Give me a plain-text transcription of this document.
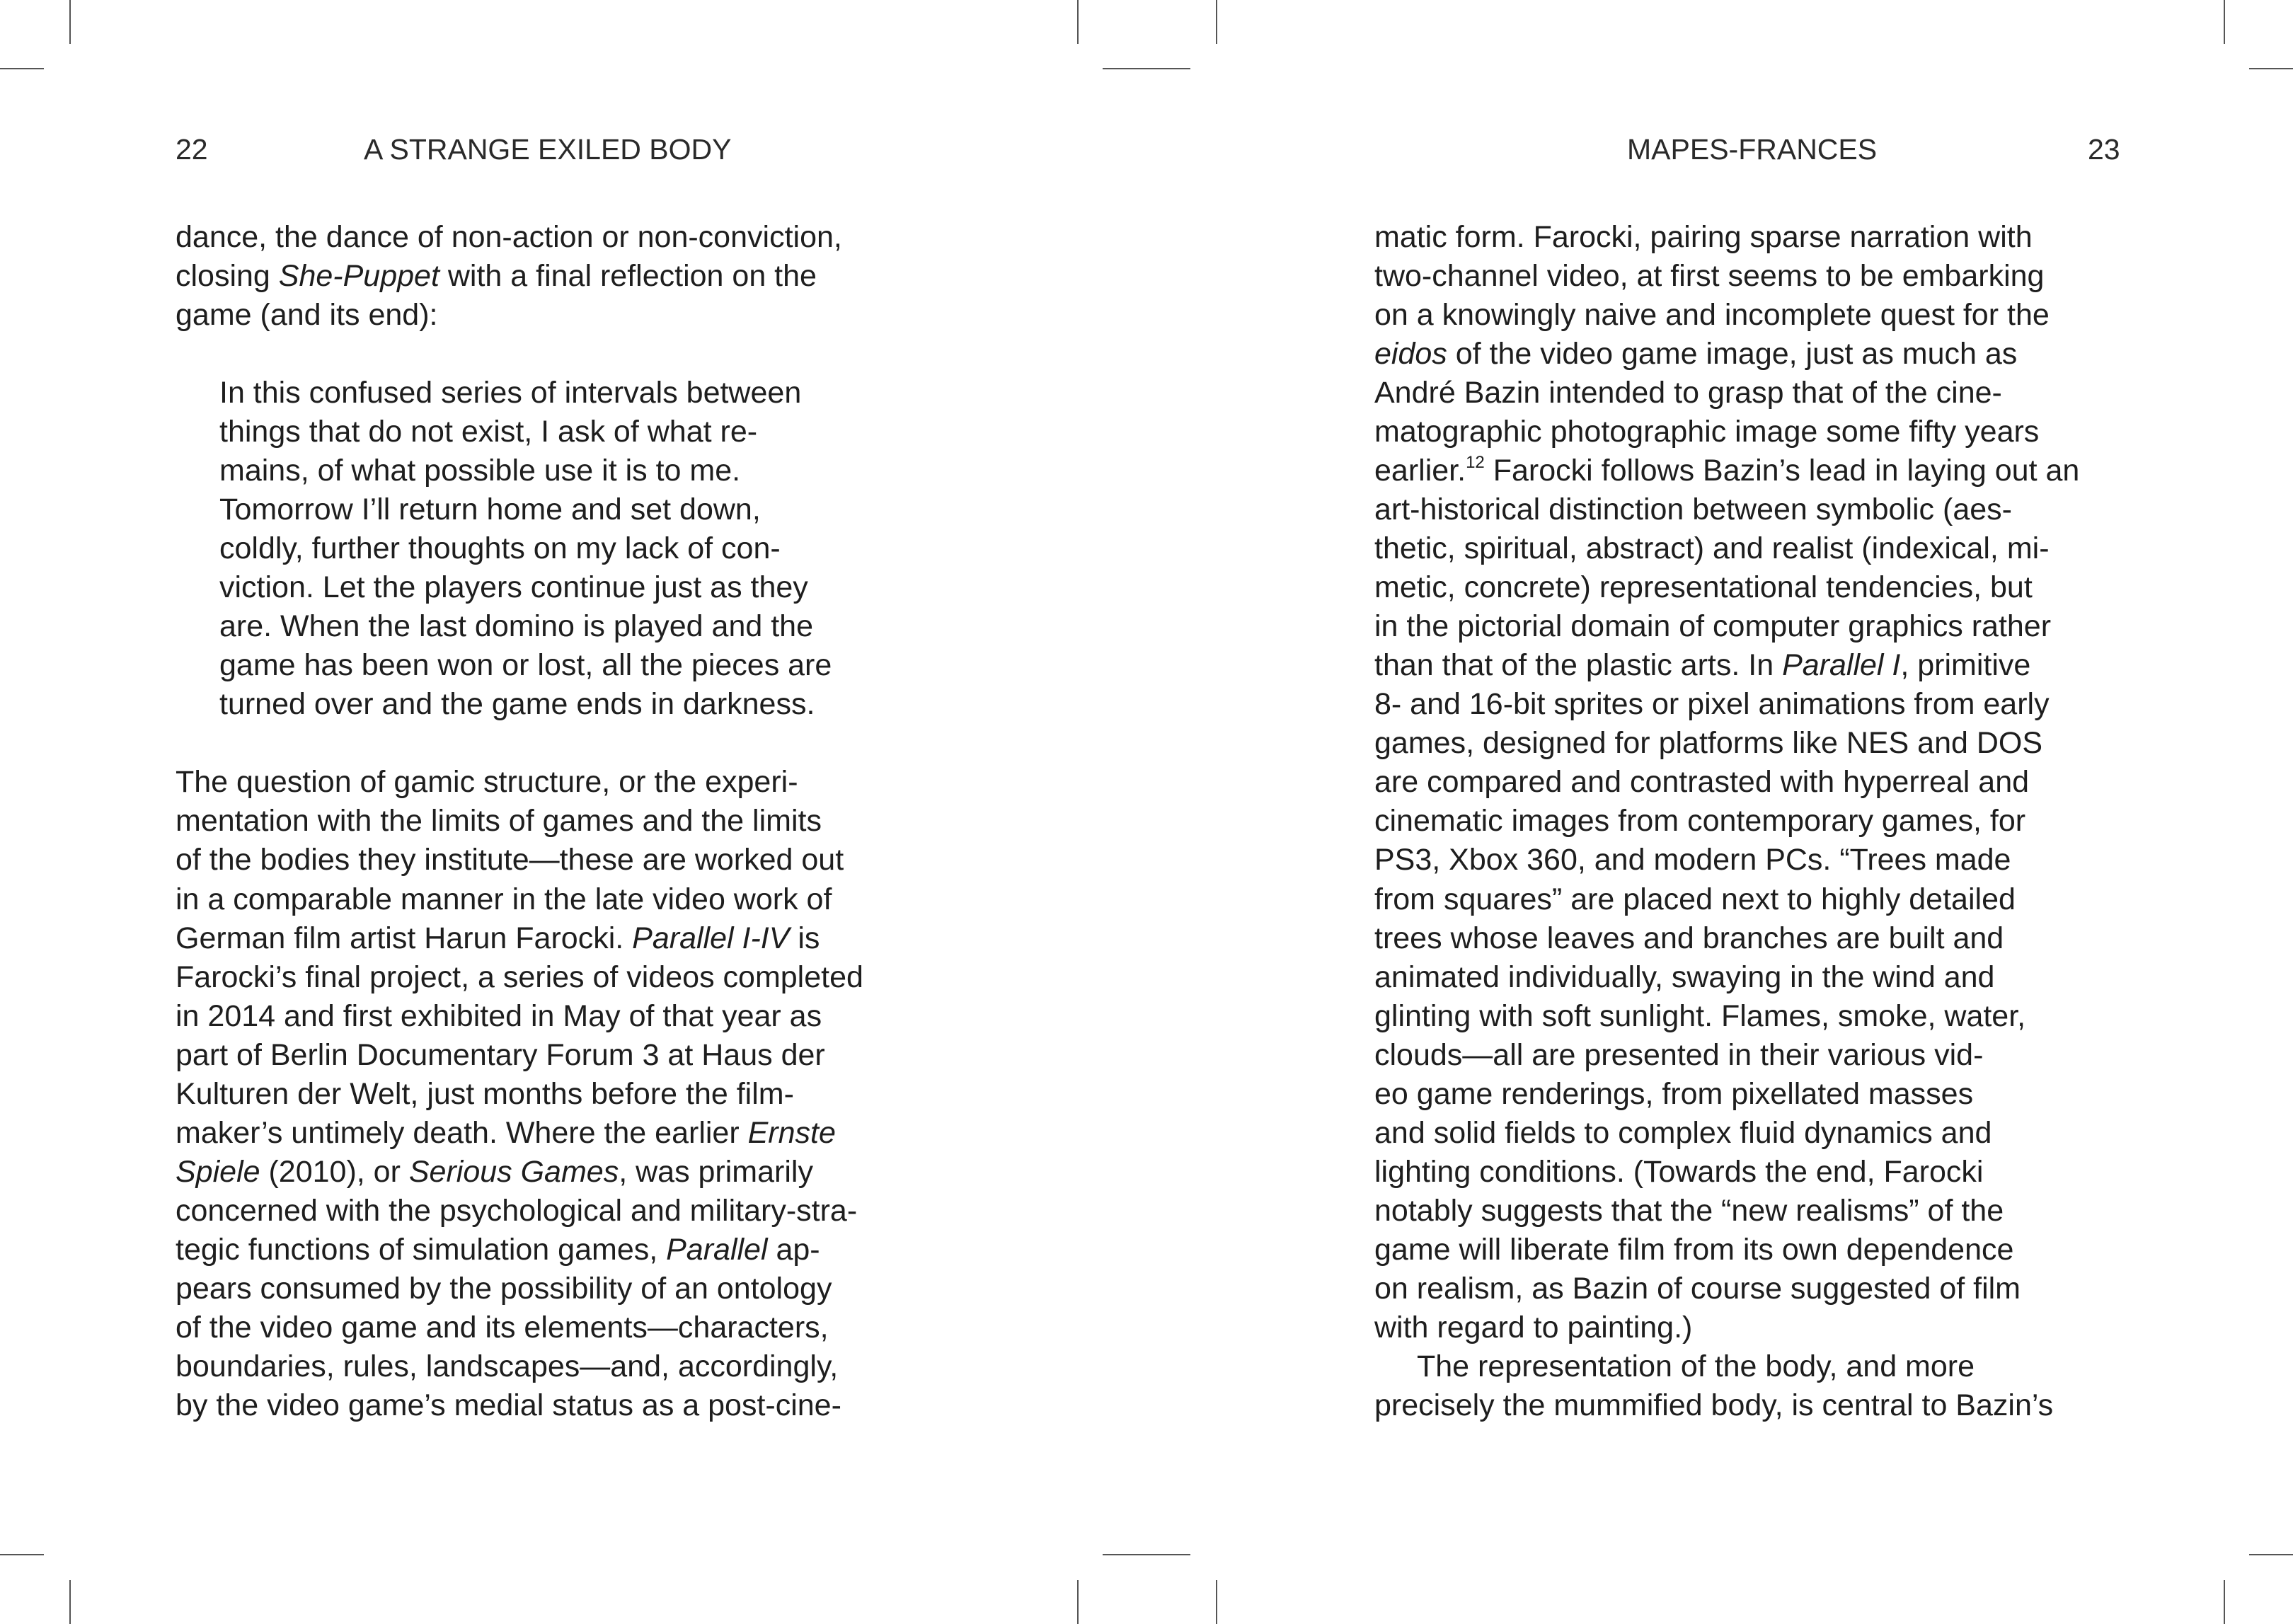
22	A STRANGE EXILED BODY	MAPES-FRANCES	23
dance, the dance of non-action or non-conviction,
closing She-Puppet with a final reflection on the
game (and its end):
In this confused series of intervals between
things that do not exist, I ask of what re-
mains, of what possible use it is to me.
Tomorrow I’ll return home and set down,
coldly, further thoughts on my lack of con-
viction. Let the players continue just as they
are. When the last domino is played and the
game has been won or lost, all the pieces are
turned over and the game ends in darkness.
The question of gamic structure, or the experi-
mentation with the limits of games and the limits
of the bodies they institute—these are worked out
in a comparable manner in the late video work of
German film artist Harun Farocki. Parallel I-IV is
Farocki’s final project, a series of videos completed
in 2014 and first exhibited in May of that year as
part of Berlin Documentary Forum 3 at Haus der
Kulturen der Welt, just months before the film-
maker’s untimely death. Where the earlier Ernste
Spiele (2010), or Serious Games, was primarily
concerned with the psychological and military-stra-
tegic functions of simulation games, Parallel ap-
pears consumed by the possibility of an ontology
of the video game and its elements—characters,
boundaries, rules, landscapes—and, accordingly,
by the video game’s medial status as a post-cine-
matic form. Farocki, pairing sparse narration with
two-channel video, at first seems to be embarking
on a knowingly naive and incomplete quest for the
eidos of the video game image, just as much as
André Bazin intended to grasp that of the cine-
matographic photographic image some fifty years
earlier.$^{12}$ Farocki follows Bazin’s lead in laying out an
art-historical distinction between symbolic (aes-
thetic, spiritual, abstract) and realist (indexical, mi-
metic, concrete) representational tendencies, but
in the pictorial domain of computer graphics rather
than that of the plastic arts. In Parallel I, primitive
8- and 16-bit sprites or pixel animations from early
games, designed for platforms like NES and DOS
are compared and contrasted with hyperreal and
cinematic images from contemporary games, for
PS3, Xbox 360, and modern PCs. “Trees made
from squares” are placed next to highly detailed
trees whose leaves and branches are built and
animated individually, swaying in the wind and
glinting with soft sunlight. Flames, smoke, water,
clouds—all are presented in their various vid-
eo game renderings, from pixellated masses
and solid fields to complex fluid dynamics and
lighting conditions. (Towards the end, Farocki
notably suggests that the “new realisms” of the
game will liberate film from its own dependence
on realism, as Bazin of course suggested of film
with regard to painting.)
The representation of the body, and more
precisely the mummified body, is central to Bazin’s
